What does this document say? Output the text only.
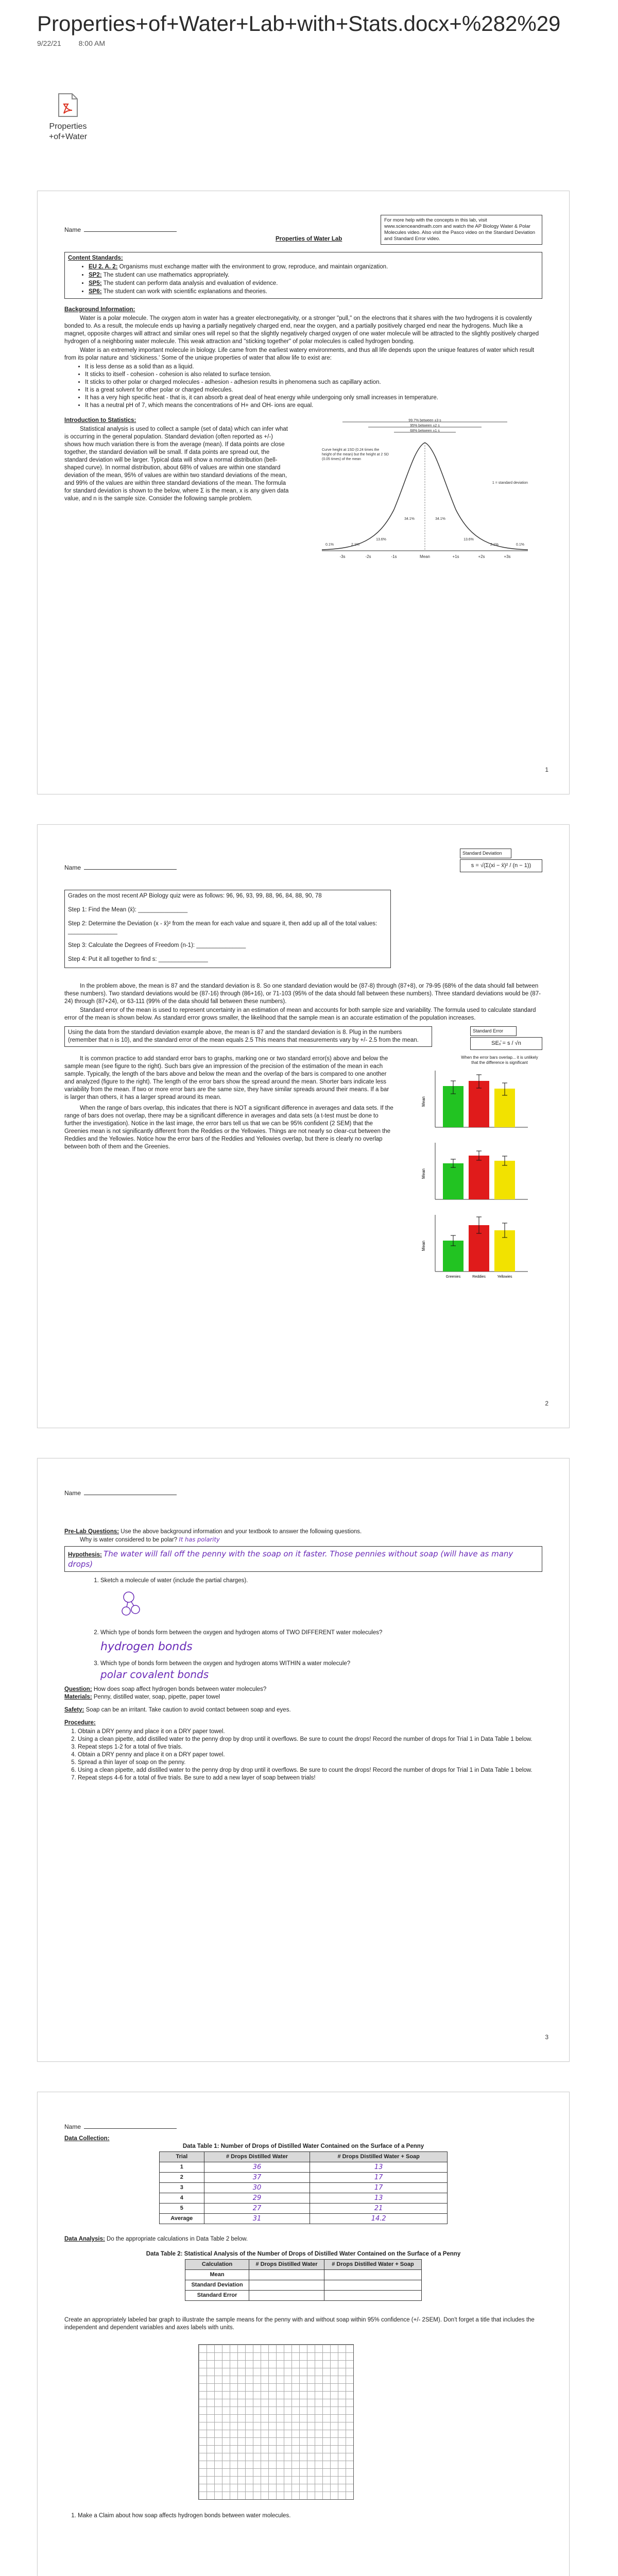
Properties+of+Water+Lab+with+Stats.docx+%282%29
9/22/21 8:00 AM
Properties
+of+Water
Name
For more help with the concepts in this lab, visit www.scienceandmath.com and watch the AP Biology Water & Polar Molecules video. Also visit the Pasco video on the Standard Deviation and Standard Error video.
Properties of Water Lab
Content Standards:
• EU 2. A. 2: Organisms must exchange matter with the environment to grow, reproduce, and maintain organization.
• SP2: The student can use mathematics appropriately.
• SP5: The student can perform data analysis and evaluation of evidence.
• SP6: The student can work with scientific explanations and theories.
Background Information:

Water is a polar molecule. The oxygen atom in water has a greater electronegativity, or a stronger "pull," on the electrons that it shares with the two hydrogens it is covalently bonded to. As a result, the molecule ends up having a partially negatively charged end, near the oxygen, and a partially positively charged end near the hydrogens. Much like a magnet, opposite charges will attract and similar ones will repel so that the slightly negatively charged oxygen of one water molecule will be attracted to the slightly positively charged hydrogen of a neighboring water molecule. This weak attraction and "sticking together" of polar molecules is called hydrogen bonding.

Water is an extremely important molecule in biology. Life came from the earliest watery environments, and thus all life depends upon the unique features of water which result from its polar nature and 'stickiness.' Some of the unique properties of water that allow life to exist are:

• It is less dense as a solid than as a liquid.
• It sticks to itself - cohesion - cohesion is also related to surface tension.
• It sticks to other polar or charged molecules - adhesion - adhesion results in phenomena such as capillary action.
• It is a great solvent for other polar or charged molecules.
• It has a very high specific heat - that is, it can absorb a great deal of heat energy while undergoing only small increases in temperature.
• It has a neutral pH of 7, which means the concentrations of H+ and OH- ions are equal.
Introduction to Statistics:

Statistical analysis is used to collect a sample (set of data) which can infer what is occurring in the general population. Standard deviation (often reported as +/-) shows how much variation there is from the average (mean). If data points are close together, the standard deviation will be small. If data points are spread out, the standard deviation will be larger. Typical data will show a normal distribution (bell-shaped curve). In normal distribution, about 68% of values are within one standard deviation of the mean, 95% of values are within two standard deviations of the mean, and 99% of the values are within three standard deviations of the mean. The formula for standard deviation is shown to the below, where Σ is the mean, x is any given data value, and n is the sample size. Consider the following sample problem.

99.7% between ±3 s
95% between ±2 s
68% between ±1 s
-3s	-2s	-1s	Mean	+1s	+2s	+3s
0.1%	2.1%
13.6%
34.1%	34.1%
13.6%
2.1%	0.1%
Curve height at 1SD (0.24 times the height of the mean) but the height at 2 SD (0.05 times) of the mean
1 = standard deviation
1
Name
Standard Deviation
s = √(Σ(xi − x̄)² / (n − 1))
Grades on the most recent AP Biology quiz were as follows: 96, 96, 93, 99, 88, 96, 84, 88, 90, 78
Step 1: Find the Mean (x̄): _______________
Step 2: Determine the Deviation (x - x̄)² from the mean for each value and square it, then add up all of the total values: _______________
Step 3: Calculate the Degrees of Freedom (n-1): _______________
Step 4: Put it all together to find s: _______________

In the problem above, the mean is 87 and the standard deviation is 8. So one standard deviation would be (87-8) through (87+8), or 79-95 (68% of the data should fall between these numbers). Two standard deviations would be (87-16) through (86+16), or 71-103 (95% of the data should fall between these numbers). Three standard deviations would be (87-24) through (87+24), or 63-111 (99% of the data should fall between these numbers).

Standard error of the mean is used to represent uncertainty in an estimation of mean and accounts for both sample size and variability. The formula used to calculate standard error of the mean is shown below. As standard error grows smaller, the likelihood that the sample mean is an accurate estimation of the population increases.

Using the data from the standard deviation example above, the mean is 87 and the standard deviation is 8. Plug in the numbers (remember that n is 10), and the standard error of the mean equals 2.5 This means that measurements vary by +/- 2.5 from the mean.
Standard Error
SEₓ̄ = s / √n

It is common practice to add standard error bars to graphs, marking one or two standard error(s) above and below the sample mean (see figure to the right). Such bars give an impression of the precision of the estimation of the mean in each sample. Typically, the length of the bars above and below the mean and the overlap of the bars is compared to one another and analyzed (figure to the right). The length of the error bars show the spread around the mean. Shorter bars indicate less variability from the mean. If two or more error bars are the same size, they have similar spreads around their means. If a bar is larger than others, it has a larger spread around its mean.

When the range of bars overlap, this indicates that there is NOT a significant difference in averages and data sets. If the range of bars does not overlap, there may be a significant difference in averages and data sets (a t-test must be done to further the investigation). Notice in the last image, the error bars tell us that we can be 95% confident (2 SEM) that the Greenies mean is not significantly different from the Reddies or the Yellowies. Things are not nearly so clear-cut between the Reddies and the Yellowies. Notice how the error bars of the Reddies and Yellowies overlap, but there is clearly no overlap between both of them and the Greenies.

When the error bars overlap... it is unlikely that the difference is significant
Mean
Mean
Mean
Greenies	Reddies	Yellowies
2
Name
Pre-Lab Questions: Use the above background information and your textbook to answer the following questions.
Why is water considered to be polar? It has polarity
Hypothesis: The water will fall off the penny with the soap on it faster. Those pennies without soap (will have as many drops)
1. Sketch a molecule of water (include the partial charges).
2. Which type of bonds form between the oxygen and hydrogen atoms of TWO DIFFERENT water molecules?
hydrogen bonds
3. Which type of bonds form between the oxygen and hydrogen atoms WITHIN a water molecule?
polar covalent bonds
Question: How does soap affect hydrogen bonds between water molecules?
Materials: Penny, distilled water, soap, pipette, paper towel
Safety: Soap can be an irritant. Take caution to avoid contact between soap and eyes.
Procedure:
1. Obtain a DRY penny and place it on a DRY paper towel.
2. Using a clean pipette, add distilled water to the penny drop by drop until it overflows. Be sure to count the drops! Record the number of drops for Trial 1 in Data Table 1 below.
3. Repeat steps 1-2 for a total of five trials.
4. Obtain a DRY penny and place it on a DRY paper towel.
5. Spread a thin layer of soap on the penny.
6. Using a clean pipette, add distilled water to the penny drop by drop until it overflows. Be sure to count the drops! Record the number of drops for Trial 1 in Data Table 1 below.
7. Repeat steps 4-6 for a total of five trials. Be sure to add a new layer of soap between trials!
3
Name
Data Collection:
Data Table 1: Number of Drops of Distilled Water Contained on the Surface of a Penny
Trial	# Drops Distilled Water	# Drops Distilled Water + Soap
1	36	13
2	37	17
3	30	17
4	29	13
5	27	21
Average	31	14.2
Data Analysis: Do the appropriate calculations in Data Table 2 below.
Data Table 2: Statistical Analysis of the Number of Drops of Distilled Water Contained on the Surface of a Penny
Calculation	# Drops Distilled Water	# Drops Distilled Water + Soap
Mean		
Standard Deviation		
Standard Error		
Create an appropriately labeled bar graph to illustrate the sample means for the penny with and without soap within 95% confidence (+/- 2SEM). Don't forget a title that includes the independent and dependent variables and axes labels with units.
1. Make a Claim about how soap affects hydrogen bonds between water molecules.
